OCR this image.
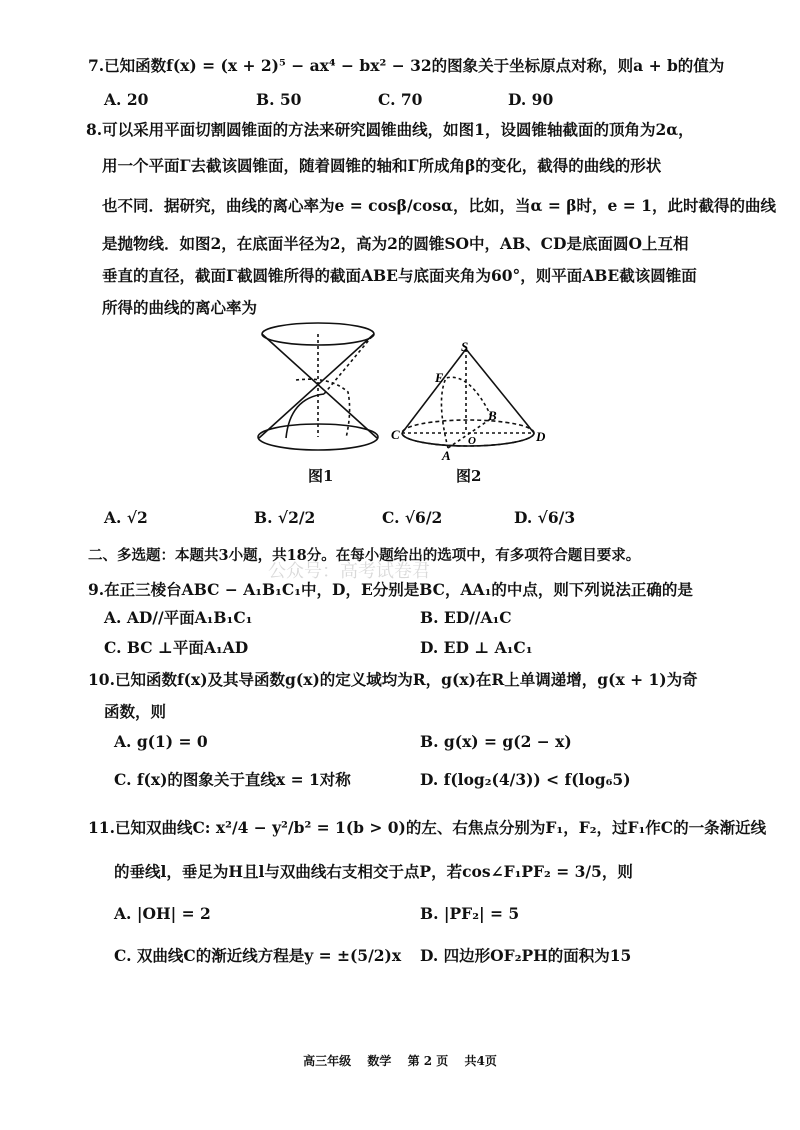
7.已知函数f(x) = (x + 2)⁵ − ax⁴ − bx² − 32的图象关于坐标原点对称，则a + b的值为
A. 20	B. 50	C. 70	D. 90
8.可以采用平面切割圆锥面的方法来研究圆锥曲线，如图1，设圆锥轴截面的顶角为2α，
用一个平面Γ去截该圆锥面，随着圆锥的轴和Γ所成角β的变化，截得的曲线的形状
也不同．据研究，曲线的离心率为e = cosβ/cosα，比如，当α = β时，e = 1，此时截得的曲线
是抛物线．如图2，在底面半径为2，高为2的圆锥SO中，AB、CD是底面圆O上互相
垂直的直径，截面Γ截圆锥所得的截面ABE与底面夹角为60°，则平面ABE截该圆锥面
所得的曲线的离心率为
S
E
B
C	D
A
O
图1	图2
A. √2	B. √2/2	C. √6/2	D. √6/3
二、多选题：本题共3小题，共18分。在每小题给出的选项中，有多项符合题目要求。
公众号：高考试卷君
9.在正三棱台ABC − A₁B₁C₁中，D，E分别是BC，AA₁的中点，则下列说法正确的是
A. AD//平面A₁B₁C₁	B. ED//A₁C
C. BC ⊥平面A₁AD	D. ED ⊥ A₁C₁
10.已知函数f(x)及其导函数g(x)的定义域均为R，g(x)在R上单调递增，g(x + 1)为奇
函数，则
A. g(1) = 0	B. g(x) = g(2 − x)
C. f(x)的图象关于直线x = 1对称	D. f(log₂(4/3)) < f(log₆5)
11.已知双曲线C: x²/4 − y²/b² = 1(b > 0)的左、右焦点分别为F₁，F₂，过F₁作C的一条渐近线
的垂线l，垂足为H且l与双曲线右支相交于点P，若cos∠F₁PF₂ = 3/5，则
A. |OH| = 2	B. |PF₂| = 5
C. 双曲线C的渐近线方程是y = ±(5/2)x D. 四边形OF₂PH的面积为15
高三年级 数学 第 2 页 共4页
